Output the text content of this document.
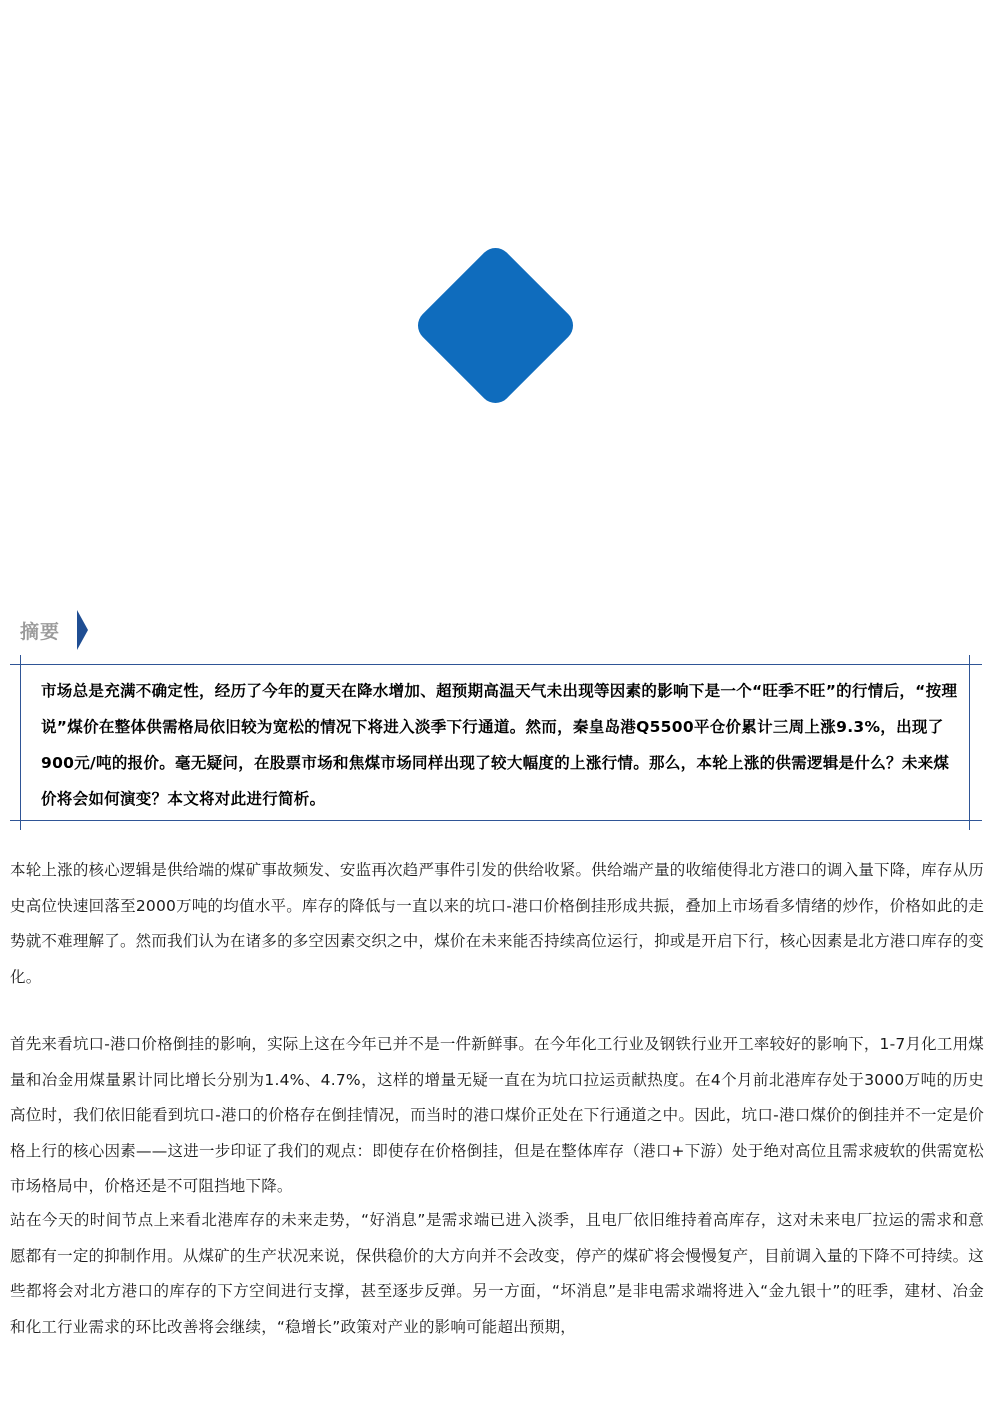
摘要

市场总是充满不确定性，经历了今年的夏天在降水增加、超预期高温天气未出现等因素的影响下是一个“旺季不旺”的行情后，“按理说”煤价在整体供需格局依旧较为宽松的情况下将进入淡季下行通道。然而，秦皇岛港Q5500平仓价累计三周上涨9.3%，出现了900元/吨的报价。毫无疑问，在股票市场和焦煤市场同样出现了较大幅度的上涨行情。那么，本轮上涨的供需逻辑是什么？未来煤价将会如何演变？本文将对此进行简析。

本轮上涨的核心逻辑是供给端的煤矿事故频发、安监再次趋严事件引发的供给收紧。供给端产量的收缩使得北方港口的调入量下降，库存从历史高位快速回落至2000万吨的均值水平。库存的降低与一直以来的坑口-港口价格倒挂形成共振，叠加上市场看多情绪的炒作，价格如此的走势就不难理解了。然而我们认为在诸多的多空因素交织之中，煤价在未来能否持续高位运行，抑或是开启下行，核心因素是北方港口库存的变化。

首先来看坑口-港口价格倒挂的影响，实际上这在今年已并不是一件新鲜事。在今年化工行业及钢铁行业开工率较好的影响下，1-7月化工用煤量和冶金用煤量累计同比增长分别为1.4%、4.7%，这样的增量无疑一直在为坑口拉运贡献热度。在4个月前北港库存处于3000万吨的历史高位时，我们依旧能看到坑口-港口的价格存在倒挂情况，而当时的港口煤价正处在下行通道之中。因此，坑口-港口煤价的倒挂并不一定是价格上行的核心因素——这进一步印证了我们的观点：即使存在价格倒挂，但是在整体库存（港口+下游）处于绝对高位且需求疲软的供需宽松市场格局中，价格还是不可阻挡地下降。

站在今天的时间节点上来看北港库存的未来走势，“好消息”是需求端已进入淡季，且电厂依旧维持着高库存，这对未来电厂拉运的需求和意愿都有一定的抑制作用。从煤矿的生产状况来说，保供稳价的大方向并不会改变，停产的煤矿将会慢慢复产，目前调入量的下降不可持续。这些都将会对北方港口的库存的下方空间进行支撑，甚至逐步反弹。另一方面，“坏消息”是非电需求端将进入“金九银十”的旺季，建材、冶金和化工行业需求的环比改善将会继续，“稳增长”政策对产业的影响可能超出预期，
